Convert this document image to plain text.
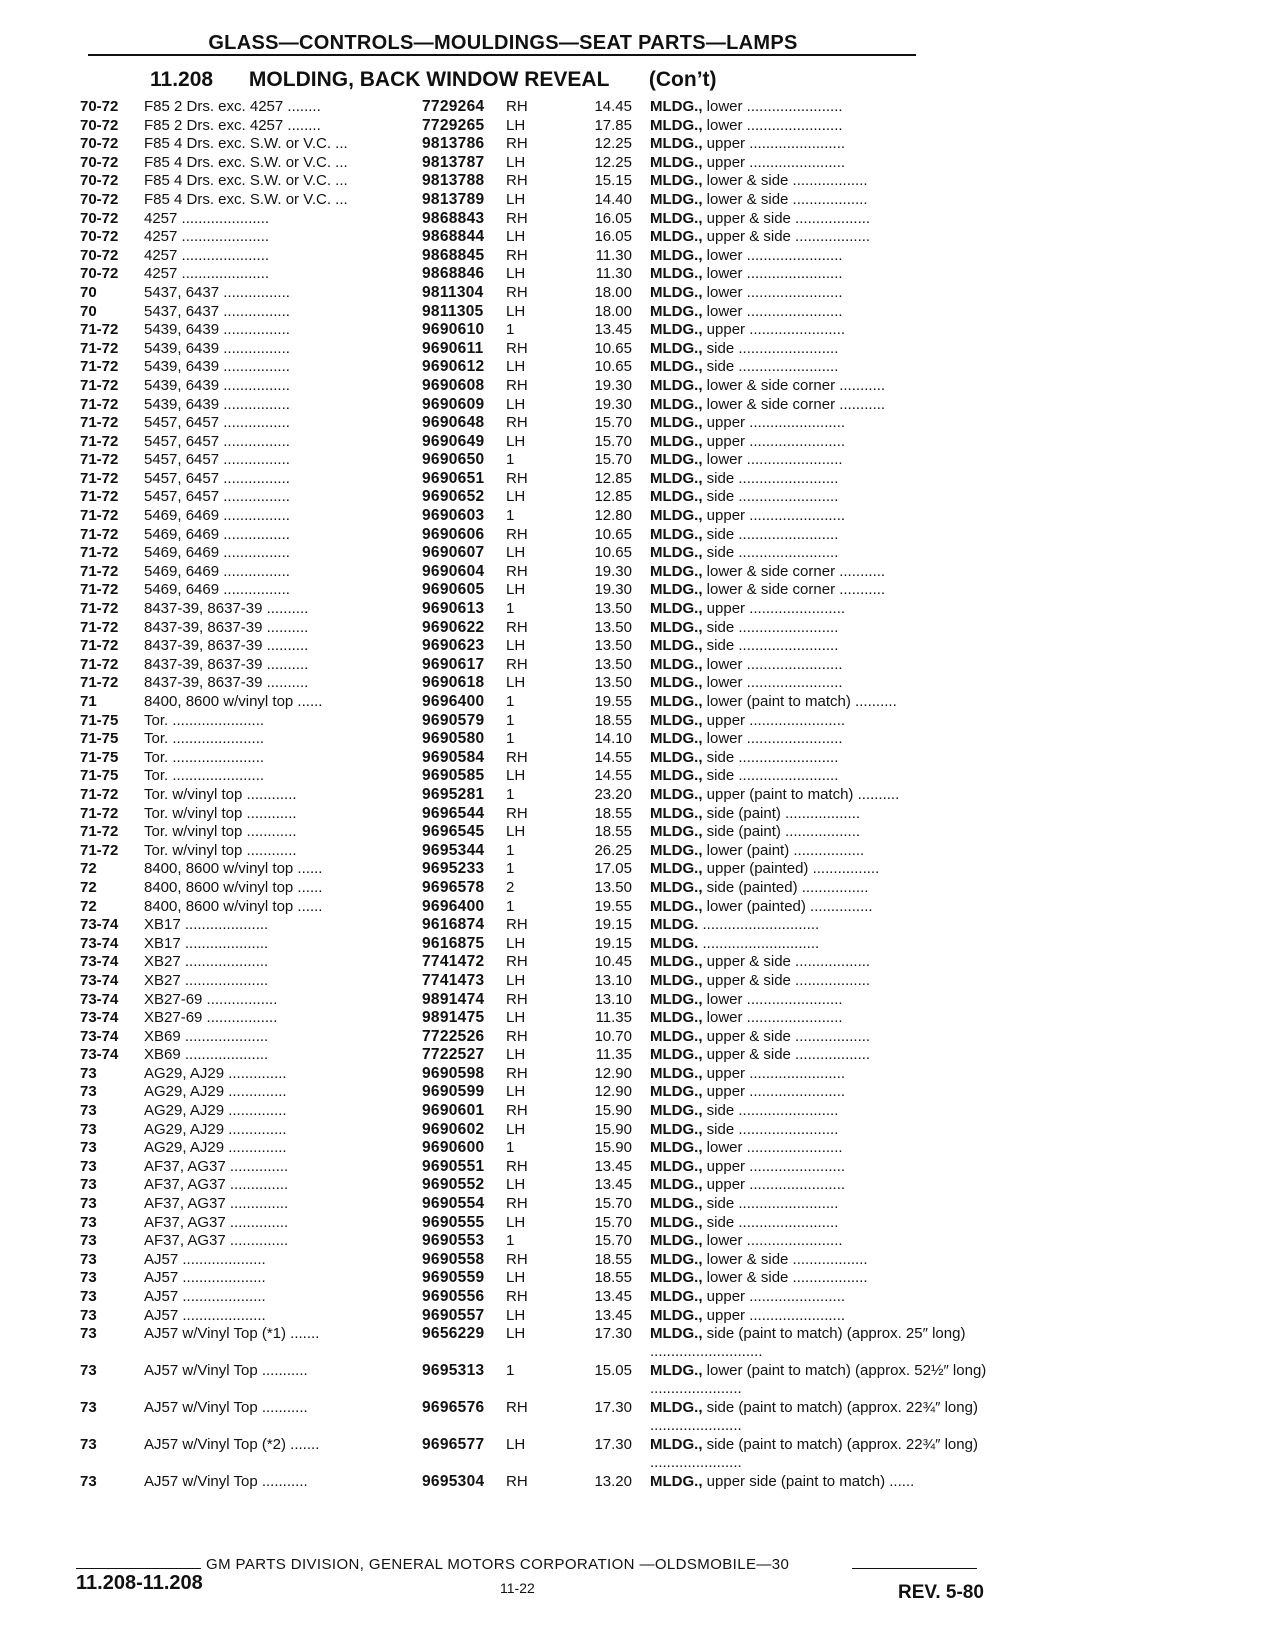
GLASS—CONTROLS—MOULDINGS—SEAT PARTS—LAMPS
11.208 MOLDING, BACK WINDOW REVEAL (Con’t)
70-72	F85 2 Drs. exc. 4257 ........	7729264 RH	14.45 MLDG., lower .......................
70-72	F85 2 Drs. exc. 4257 ........	7729265 LH	17.85 MLDG., lower .......................
70-72	F85 4 Drs. exc. S.W. or V.C. ...	9813786 RH	12.25 MLDG., upper .......................
70-72	F85 4 Drs. exc. S.W. or V.C. ...	9813787 LH	12.25 MLDG., upper .......................
70-72	F85 4 Drs. exc. S.W. or V.C. ...	9813788 RH	15.15 MLDG., lower & side ..................
70-72	F85 4 Drs. exc. S.W. or V.C. ...	9813789 LH	14.40 MLDG., lower & side ..................
70-72	4257 .....................	9868843 RH	16.05 MLDG., upper & side ..................
70-72	4257 .....................	9868844 LH	16.05 MLDG., upper & side ..................
70-72	4257 .....................	9868845 RH	11.30 MLDG., lower .......................
70-72	4257 .....................	9868846 LH	11.30 MLDG., lower .......................
70	5437, 6437 ................	9811304 RH	18.00 MLDG., lower .......................
70	5437, 6437 ................	9811305 LH	18.00 MLDG., lower .......................
71-72	5439, 6439 ................	9690610 1	13.45 MLDG., upper .......................
71-72	5439, 6439 ................	9690611 RH	10.65 MLDG., side ........................
71-72	5439, 6439 ................	9690612 LH	10.65 MLDG., side ........................
71-72	5439, 6439 ................	9690608 RH	19.30 MLDG., lower & side corner ...........
71-72	5439, 6439 ................	9690609 LH	19.30 MLDG., lower & side corner ...........
71-72	5457, 6457 ................	9690648 RH	15.70 MLDG., upper .......................
71-72	5457, 6457 ................	9690649 LH	15.70 MLDG., upper .......................
71-72	5457, 6457 ................	9690650 1	15.70 MLDG., lower .......................
71-72	5457, 6457 ................	9690651 RH	12.85 MLDG., side ........................
71-72	5457, 6457 ................	9690652 LH	12.85 MLDG., side ........................
71-72	5469, 6469 ................	9690603 1	12.80 MLDG., upper .......................
71-72	5469, 6469 ................	9690606 RH	10.65 MLDG., side ........................
71-72	5469, 6469 ................	9690607 LH	10.65 MLDG., side ........................
71-72	5469, 6469 ................	9690604 RH	19.30 MLDG., lower & side corner ...........
71-72	5469, 6469 ................	9690605 LH	19.30 MLDG., lower & side corner ...........
71-72	8437-39, 8637-39 ..........	9690613 1	13.50 MLDG., upper .......................
71-72	8437-39, 8637-39 ..........	9690622 RH	13.50 MLDG., side ........................
71-72	8437-39, 8637-39 ..........	9690623 LH	13.50 MLDG., side ........................
71-72	8437-39, 8637-39 ..........	9690617 RH	13.50 MLDG., lower .......................
71-72	8437-39, 8637-39 ..........	9690618 LH	13.50 MLDG., lower .......................
71	8400, 8600 w/vinyl top ......	9696400 1	19.55 MLDG., lower (paint to match) ..........
71-75	Tor. ......................	9690579 1	18.55 MLDG., upper .......................
71-75	Tor. ......................	9690580 1	14.10 MLDG., lower .......................
71-75	Tor. ......................	9690584 RH	14.55 MLDG., side ........................
71-75	Tor. ......................	9690585 LH	14.55 MLDG., side ........................
71-72	Tor. w/vinyl top ............	9695281 1	23.20 MLDG., upper (paint to match) ..........
71-72	Tor. w/vinyl top ............	9696544 RH	18.55 MLDG., side (paint) ..................
71-72	Tor. w/vinyl top ............	9696545 LH	18.55 MLDG., side (paint) ..................
71-72	Tor. w/vinyl top ............	9695344 1	26.25 MLDG., lower (paint) .................
72	8400, 8600 w/vinyl top ......	9695233 1	17.05 MLDG., upper (painted) ................
72	8400, 8600 w/vinyl top ......	9696578 2	13.50 MLDG., side (painted) ................
72	8400, 8600 w/vinyl top ......	9696400 1	19.55 MLDG., lower (painted) ...............
73-74	XB17 ....................	9616874 RH	19.15 MLDG. ............................
73-74	XB17 ....................	9616875 LH	19.15 MLDG. ............................
73-74	XB27 ....................	7741472 RH	10.45 MLDG., upper & side ..................
73-74	XB27 ....................	7741473 LH	13.10 MLDG., upper & side ..................
73-74	XB27-69 .................	9891474 RH	13.10 MLDG., lower .......................
73-74	XB27-69 .................	9891475 LH	11.35 MLDG., lower .......................
73-74	XB69 ....................	7722526 RH	10.70 MLDG., upper & side ..................
73-74	XB69 ....................	7722527 LH	11.35 MLDG., upper & side ..................
73	AG29, AJ29 ..............	9690598 RH	12.90 MLDG., upper .......................
73	AG29, AJ29 ..............	9690599 LH	12.90 MLDG., upper .......................
73	AG29, AJ29 ..............	9690601 RH	15.90 MLDG., side ........................
73	AG29, AJ29 ..............	9690602 LH	15.90 MLDG., side ........................
73	AG29, AJ29 ..............	9690600 1	15.90 MLDG., lower .......................
73	AF37, AG37 ..............	9690551 RH	13.45 MLDG., upper .......................
73	AF37, AG37 ..............	9690552 LH	13.45 MLDG., upper .......................
73	AF37, AG37 ..............	9690554 RH	15.70 MLDG., side ........................
73	AF37, AG37 ..............	9690555 LH	15.70 MLDG., side ........................
73	AF37, AG37 ..............	9690553 1	15.70 MLDG., lower .......................
73	AJ57 ....................	9690558 RH	18.55 MLDG., lower & side ..................
73	AJ57 ....................	9690559 LH	18.55 MLDG., lower & side ..................
73	AJ57 ....................	9690556 RH	13.45 MLDG., upper .......................
73	AJ57 ....................	9690557 LH	13.45 MLDG., upper .......................
73	AJ57 w/Vinyl Top (*1) .......	9656229 LH	17.30 MLDG., side (paint to match) (approx. 25″ long) ...........................
73	AJ57 w/Vinyl Top ...........	9695313 1	15.05 MLDG., lower (paint to match) (approx. 52½″ long) ......................
73	AJ57 w/Vinyl Top ...........	9696576 RH	17.30 MLDG., side (paint to match) (approx. 22¾″ long) ......................
73	AJ57 w/Vinyl Top (*2) .......	9696577 LH	17.30 MLDG., side (paint to match) (approx. 22¾″ long) ......................
73	AJ57 w/Vinyl Top ...........	9695304 RH	13.20 MLDG., upper side (paint to match) ......
GM PARTS DIVISION, GENERAL MOTORS CORPORATION —OLDSMOBILE—30
11.208-11.208	11-22	REV. 5-80
